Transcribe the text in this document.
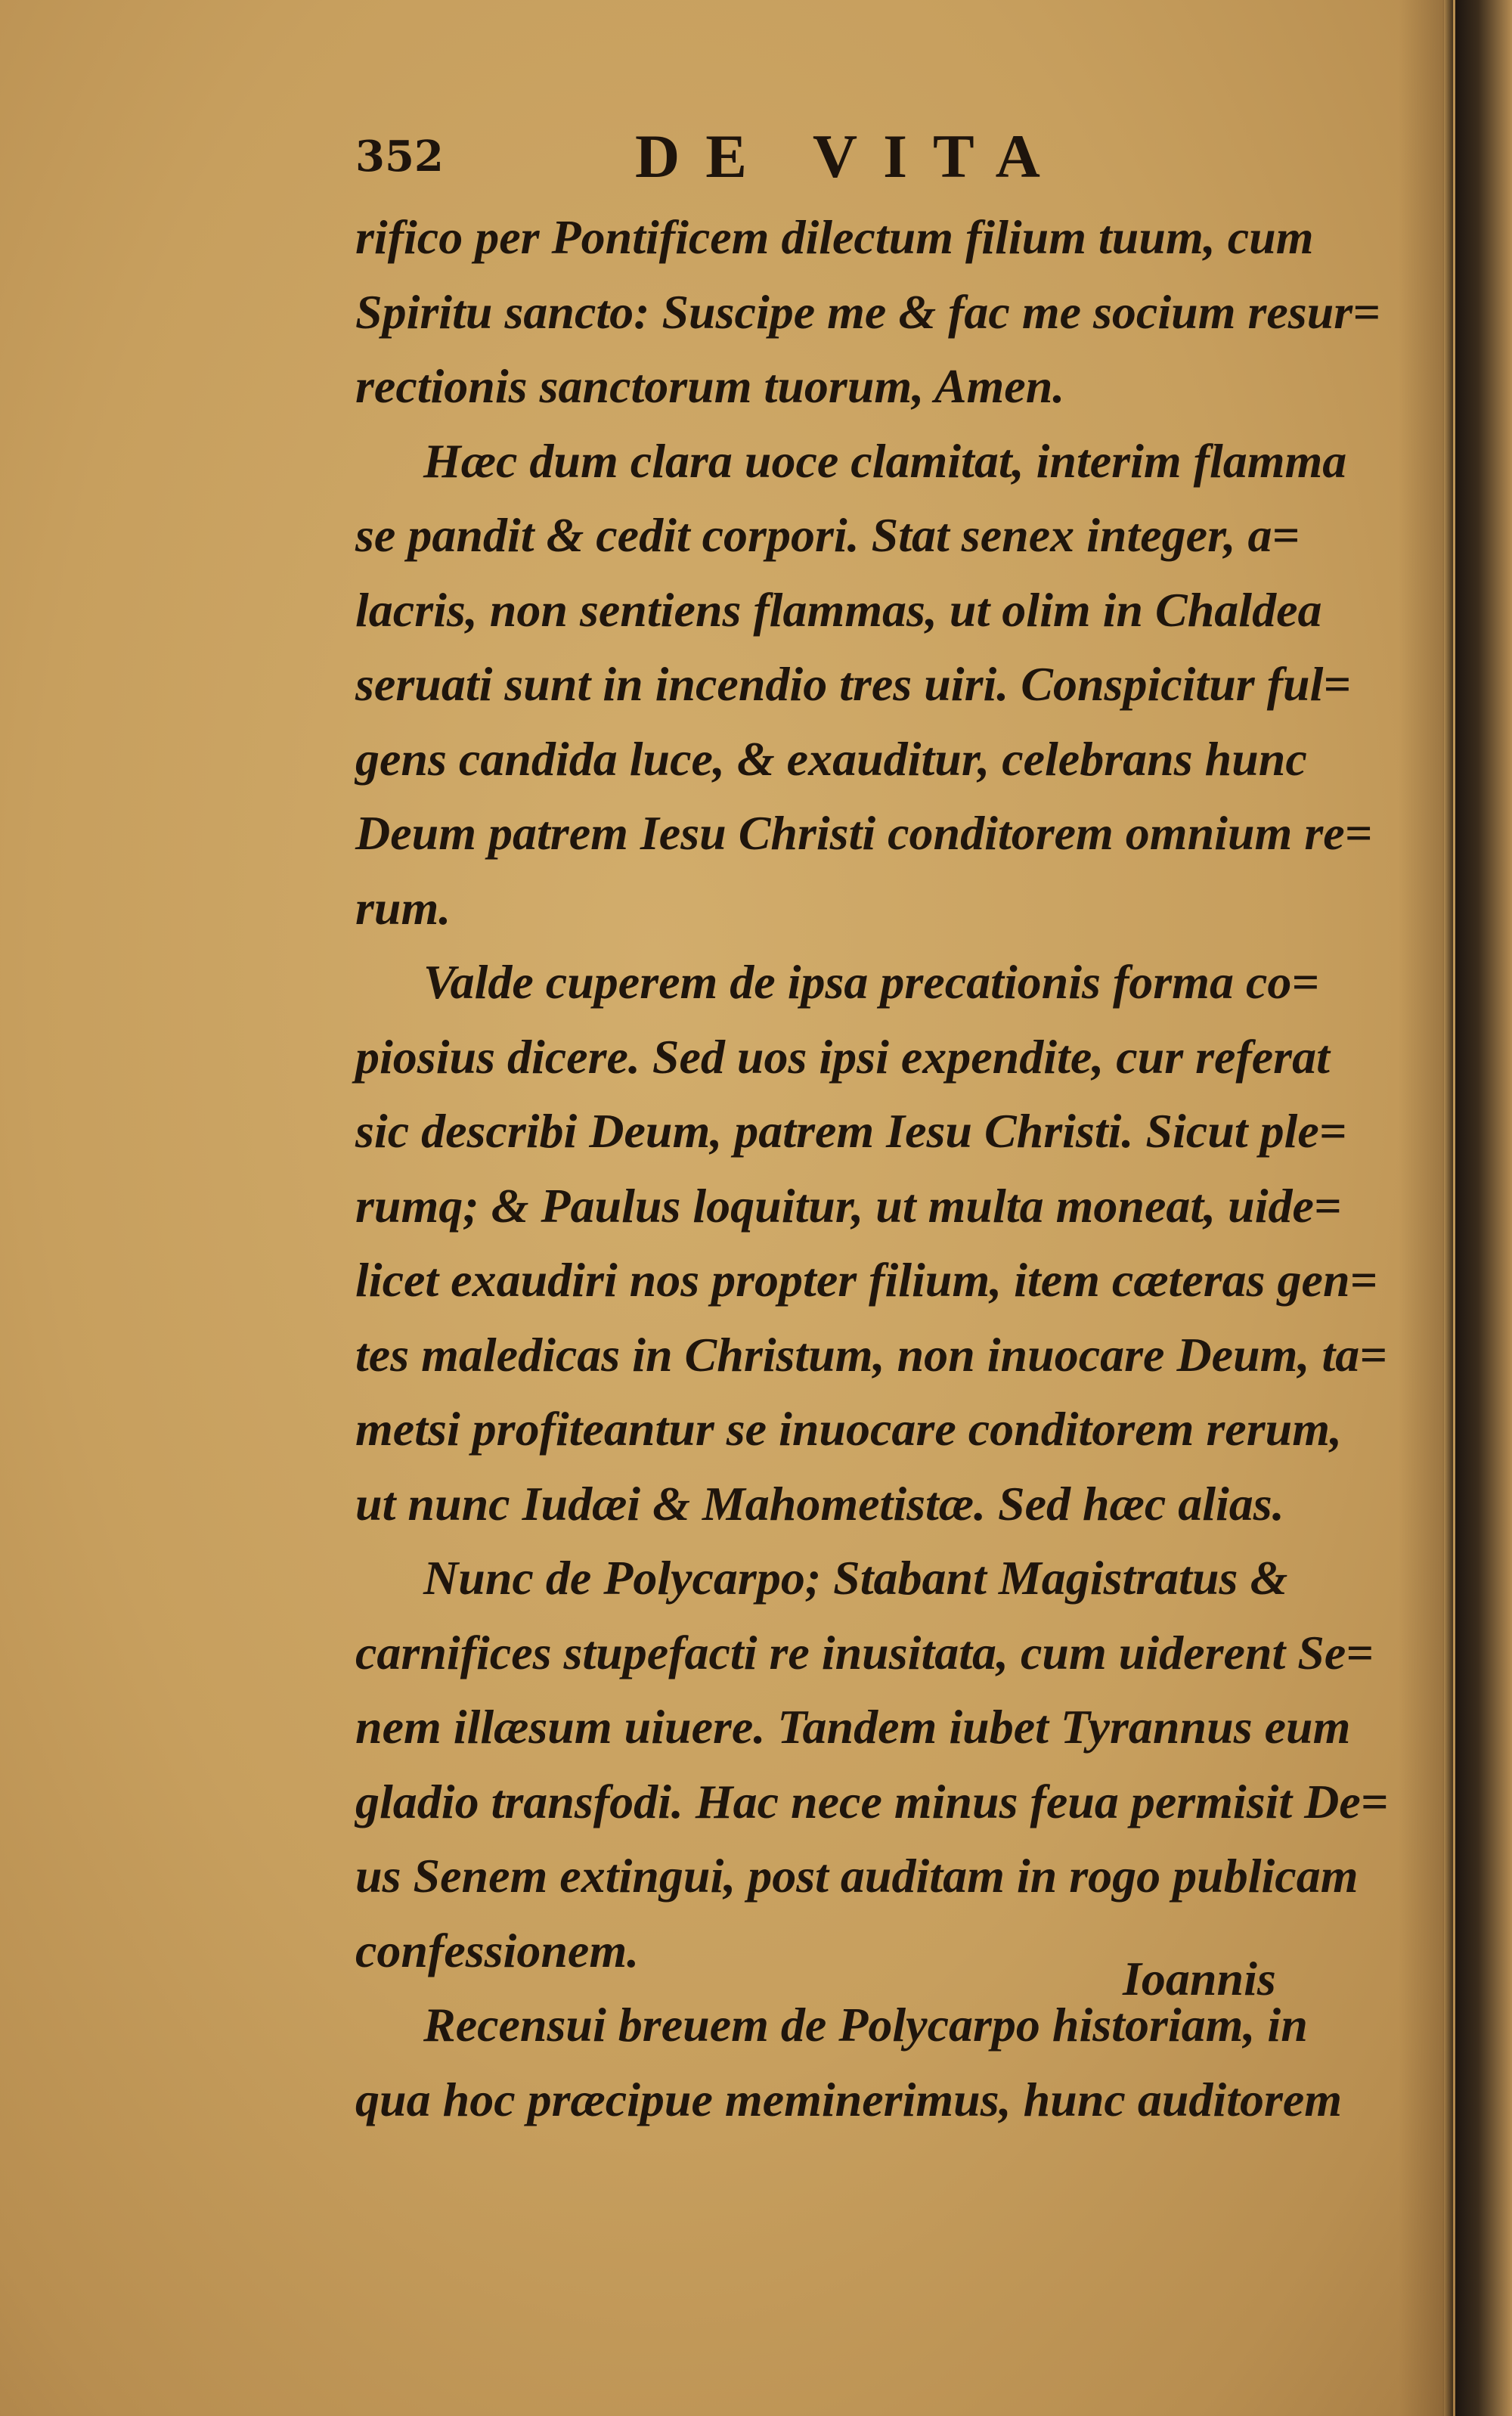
352	DE VITA
rifico per Pontificem dilectum filium tuum, cum
Spiritu sancto: Suscipe me & fac me socium resur=
rectionis sanctorum tuorum, Amen.
Hæc dum clara uoce clamitat, interim flamma
se pandit & cedit corpori. Stat senex integer, a=
lacris, non sentiens flammas, ut olim in Chaldea
seruati sunt in incendio tres uiri. Conspicitur ful=
gens candida luce, & exauditur, celebrans hunc
Deum patrem Iesu Christi conditorem omnium re=
rum.
Valde cuperem de ipsa precationis forma co=
piosius dicere. Sed uos ipsi expendite, cur referat
sic describi Deum, patrem Iesu Christi. Sicut ple=
rumq; & Paulus loquitur, ut multa moneat, uide=
licet exaudiri nos propter filium, item cæteras gen=
tes maledicas in Christum, non inuocare Deum, ta=
metsi profiteantur se inuocare conditorem rerum,
ut nunc Iudæi & Mahometistæ. Sed hæc alias.
Nunc de Polycarpo; Stabant Magistratus &
carnifices stupefacti re inusitata, cum uiderent Se=
nem illæsum uiuere. Tandem iubet Tyrannus eum
gladio transfodi. Hac nece minus feua permisit De=
us Senem extingui, post auditam in rogo publicam
confessionem.
Recensui breuem de Polycarpo historiam, in
qua hoc præcipue meminerimus, hunc auditorem
Ioannis
